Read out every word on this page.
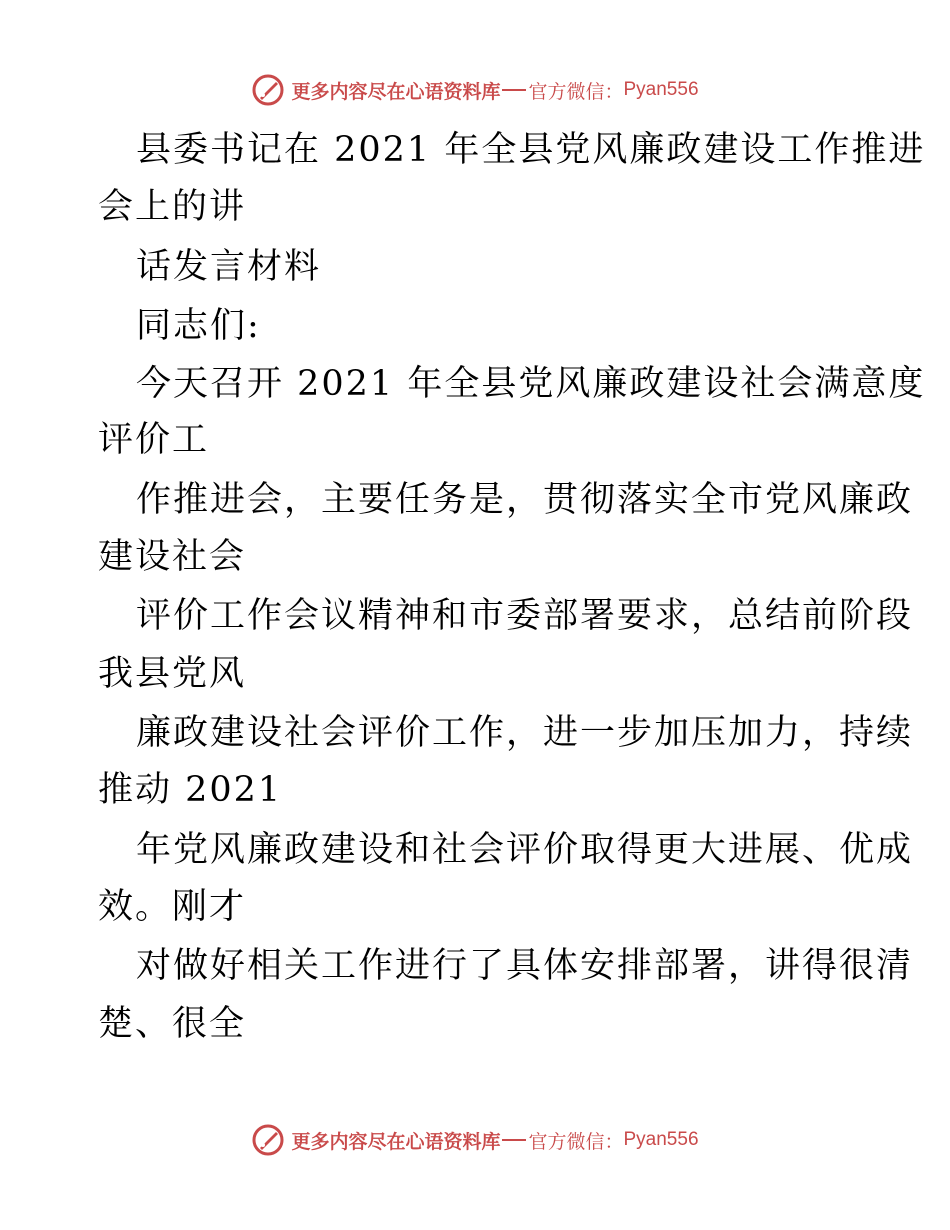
更多内容尽在心语资料库 官方微信： Pyan556
县委书记在 2021 年全县党风廉政建设工作推进
会上的讲
话发言材料
同志们:
今天召开 2021 年全县党风廉政建设社会满意度
评价工
作推进会，主要任务是，贯彻落实全市党风廉政
建设社会
评价工作会议精神和市委部署要求，总结前阶段
我县党风
廉政建设社会评价工作，进一步加压加力，持续
推动 2021
年党风廉政建设和社会评价取得更大进展、优成
效。刚才
对做好相关工作进行了具体安排部署，讲得很清
楚、很全
更多内容尽在心语资料库 官方微信： Pyan556
